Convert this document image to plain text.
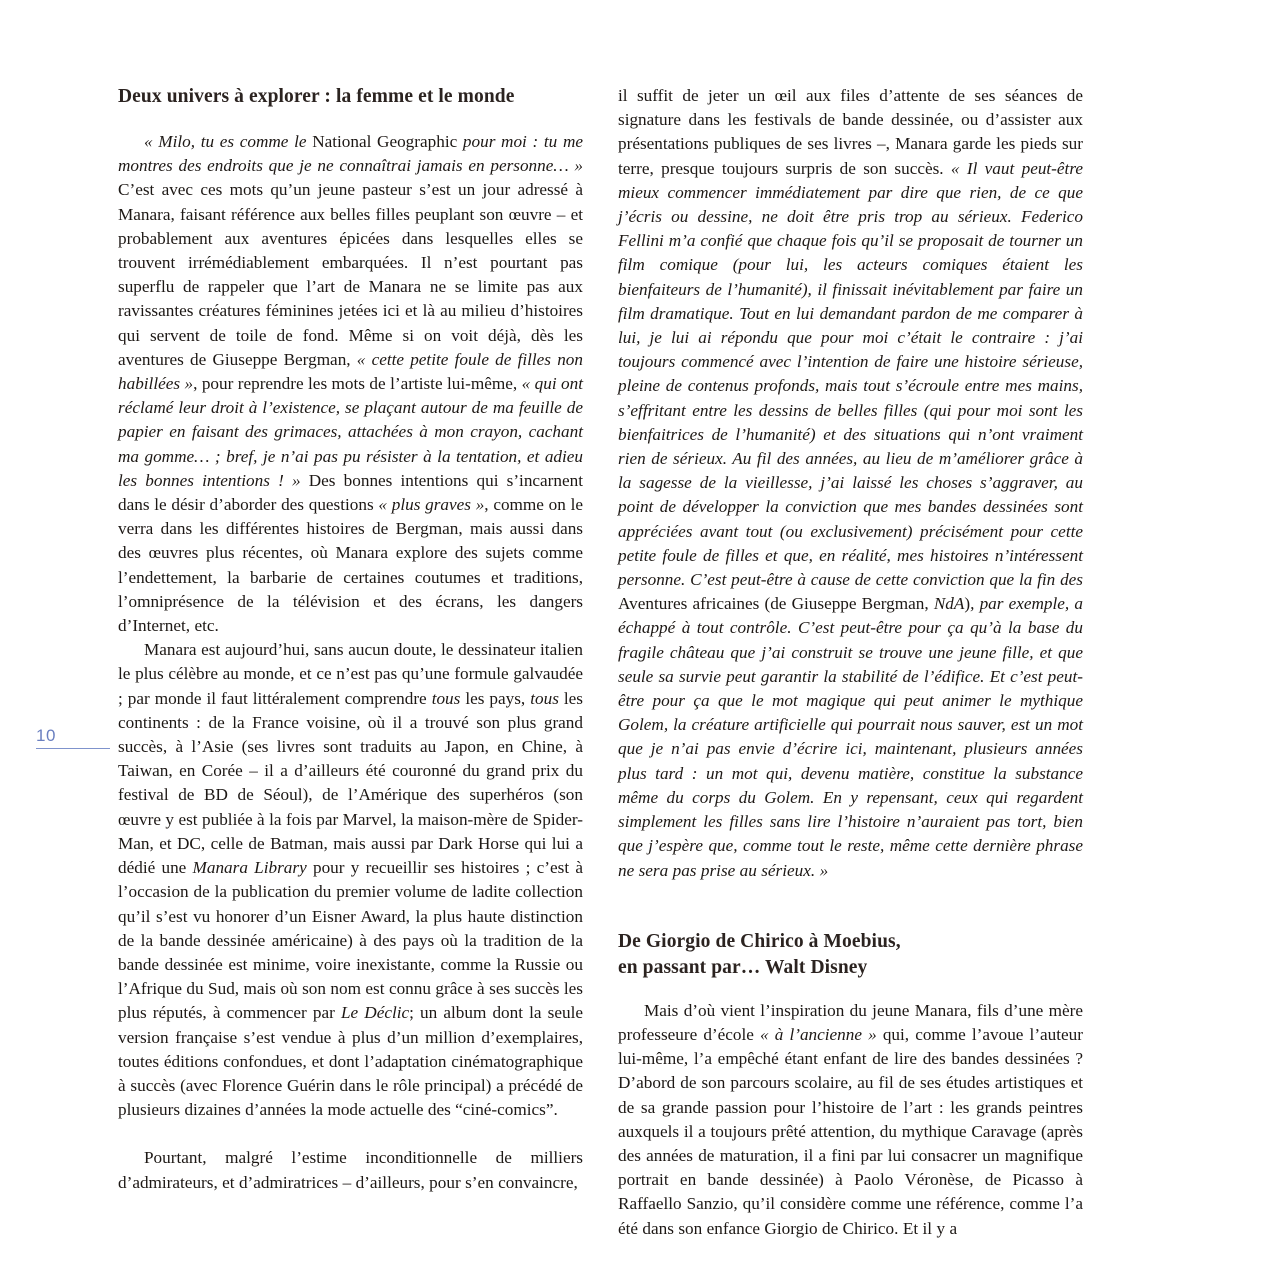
10
Deux univers à explorer : la femme et le monde

« Milo, tu es comme le National Geographic pour moi : tu me montres des endroits que je ne connaîtrai jamais en personne… » C’est avec ces mots qu’un jeune pasteur s’est un jour adressé à Manara, faisant référence aux belles filles peuplant son œuvre – et probablement aux aventures épicées dans lesquelles elles se trouvent irrémédiablement embarquées. Il n’est pourtant pas superflu de rappeler que l’art de Manara ne se limite pas aux ravissantes créatures féminines jetées ici et là au milieu d’histoires qui servent de toile de fond. Même si on voit déjà, dès les aventures de Giuseppe Bergman, « cette petite foule de filles non habillées », pour reprendre les mots de l’artiste lui-même, « qui ont réclamé leur droit à l’existence, se plaçant autour de ma feuille de papier en faisant des grimaces, attachées à mon crayon, cachant ma gomme… ; bref, je n’ai pas pu résister à la tentation, et adieu les bonnes intentions ! » Des bonnes intentions qui s’incarnent dans le désir d’aborder des questions « plus graves », comme on le verra dans les différentes histoires de Bergman, mais aussi dans des œuvres plus récentes, où Manara explore des sujets comme l’endettement, la barbarie de certaines coutumes et traditions, l’omniprésence de la télévision et des écrans, les dangers d’Internet, etc.

Manara est aujourd’hui, sans aucun doute, le dessinateur italien le plus célèbre au monde, et ce n’est pas qu’une formule galvaudée ; par monde il faut littéralement comprendre tous les pays, tous les continents : de la France voisine, où il a trouvé son plus grand succès, à l’Asie (ses livres sont traduits au Japon, en Chine, à Taiwan, en Corée – il a d’ailleurs été couronné du grand prix du festival de BD de Séoul), de l’Amérique des superhéros (son œuvre y est publiée à la fois par Marvel, la maison-mère de Spider-Man, et DC, celle de Batman, mais aussi par Dark Horse qui lui a dédié une Manara Library pour y recueillir ses histoires ; c’est à l’occasion de la publication du premier volume de ladite collection qu’il s’est vu honorer d’un Eisner Award, la plus haute distinction de la bande dessinée américaine) à des pays où la tradition de la bande dessinée est minime, voire inexistante, comme la Russie ou l’Afrique du Sud, mais où son nom est connu grâce à ses succès les plus réputés, à commencer par Le Déclic; un album dont la seule version française s’est vendue à plus d’un million d’exemplaires, toutes éditions confondues, et dont l’adaptation cinématographique à succès (avec Florence Guérin dans le rôle principal) a précédé de plusieurs dizaines d’années la mode actuelle des “ciné-comics”.

Pourtant, malgré l’estime inconditionnelle de milliers d’admirateurs, et d’admiratrices – d’ailleurs, pour s’en convaincre,

il suffit de jeter un œil aux files d’attente de ses séances de signature dans les festivals de bande dessinée, ou d’assister aux présentations publiques de ses livres –, Manara garde les pieds sur terre, presque toujours surpris de son succès. « Il vaut peut-être mieux commencer immédiatement par dire que rien, de ce que j’écris ou dessine, ne doit être pris trop au sérieux. Federico Fellini m’a confié que chaque fois qu’il se proposait de tourner un film comique (pour lui, les acteurs comiques étaient les bienfaiteurs de l’humanité), il finissait inévitablement par faire un film dramatique. Tout en lui demandant pardon de me comparer à lui, je lui ai répondu que pour moi c’était le contraire : j’ai toujours commencé avec l’intention de faire une histoire sérieuse, pleine de contenus profonds, mais tout s’écroule entre mes mains, s’effritant entre les dessins de belles filles (qui pour moi sont les bienfaitrices de l’humanité) et des situations qui n’ont vraiment rien de sérieux. Au fil des années, au lieu de m’améliorer grâce à la sagesse de la vieillesse, j’ai laissé les choses s’aggraver, au point de développer la conviction que mes bandes dessinées sont appréciées avant tout (ou exclusivement) précisément pour cette petite foule de filles et que, en réalité, mes histoires n’intéressent personne. C’est peut-être à cause de cette conviction que la fin des Aventures africaines (de Giuseppe Bergman, NdA), par exemple, a échappé à tout contrôle. C’est peut-être pour ça qu’à la base du fragile château que j’ai construit se trouve une jeune fille, et que seule sa survie peut garantir la stabilité de l’édifice. Et c’est peut-être pour ça que le mot magique qui peut animer le mythique Golem, la créature artificielle qui pourrait nous sauver, est un mot que je n’ai pas envie d’écrire ici, maintenant, plusieurs années plus tard : un mot qui, devenu matière, constitue la substance même du corps du Golem. En y repensant, ceux qui regardent simplement les filles sans lire l’histoire n’auraient pas tort, bien que j’espère que, comme tout le reste, même cette dernière phrase ne sera pas prise au sérieux. »

De Giorgio de Chirico à Moebius,
en passant par… Walt Disney

Mais d’où vient l’inspiration du jeune Manara, fils d’une mère professeure d’école « à l’ancienne » qui, comme l’avoue l’auteur lui-même, l’a empêché étant enfant de lire des bandes dessinées ? D’abord de son parcours scolaire, au fil de ses études artistiques et de sa grande passion pour l’histoire de l’art : les grands peintres auxquels il a toujours prêté attention, du mythique Caravage (après des années de maturation, il a fini par lui consacrer un magnifique portrait en bande dessinée) à Paolo Véronèse, de Picasso à Raffaello Sanzio, qu’il considère comme une référence, comme l’a été dans son enfance Giorgio de Chirico. Et il y a
